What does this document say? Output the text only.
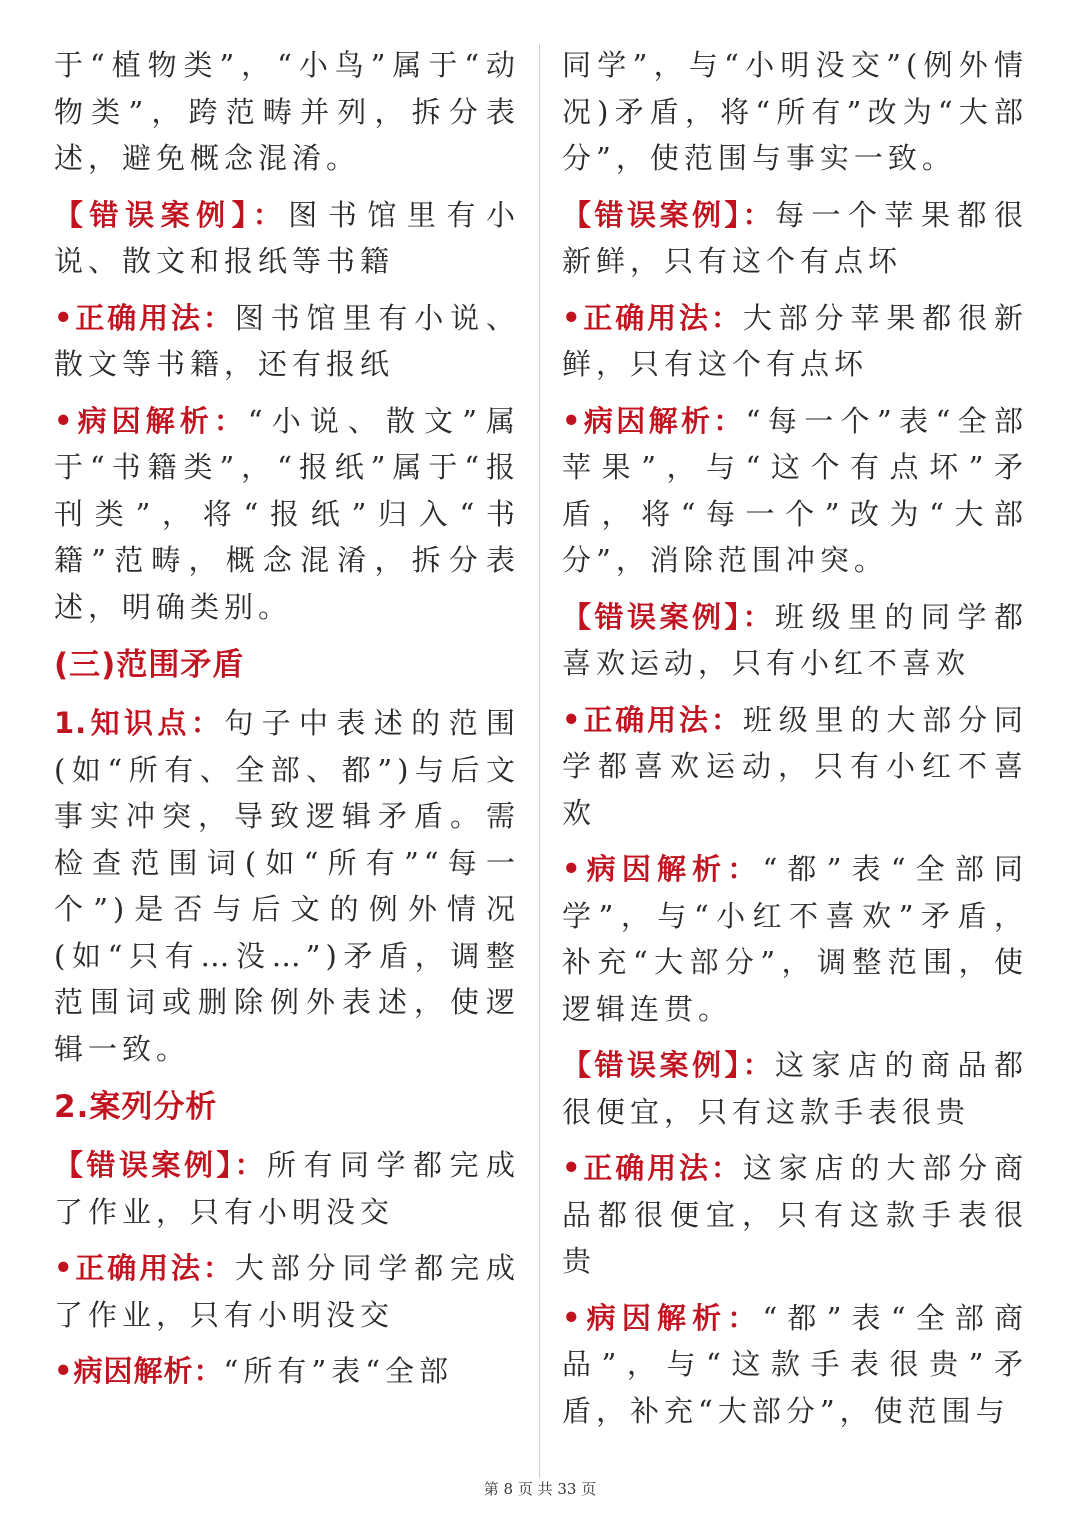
于“植物类”，“小鸟”属于“动物类”，跨范畴并列，拆分表述，避免概念混淆。

【错误案例】：图书馆里有小说、散文和报纸等书籍

•正确用法：图书馆里有小说、散文等书籍，还有报纸

•病因解析：“小说、散文”属于“书籍类”，“报纸”属于“报刊类”，将“报纸”归入“书籍”范畴，概念混淆，拆分表述，明确类别。

(三)范围矛盾

1.知识点：句子中表述的范围(如“所有、全部、都”)与后文事实冲突，导致逻辑矛盾。需检查范围词(如“所有”“每一个”)是否与后文的例外情况(如“只有…没…”)矛盾，调整范围词或删除例外表述，使逻辑一致。

2.案列分析

【错误案例】：所有同学都完成了作业，只有小明没交

•正确用法：大部分同学都完成了作业，只有小明没交

•病因解析：“所有”表“全部

同学”，与“小明没交”(例外情况)矛盾，将“所有”改为“大部分”，使范围与事实一致。

【错误案例】：每一个苹果都很新鲜，只有这个有点坏

•正确用法：大部分苹果都很新鲜，只有这个有点坏

•病因解析：“每一个”表“全部苹果”，与“这个有点坏”矛盾，将“每一个”改为“大部分”，消除范围冲突。

【错误案例】：班级里的同学都喜欢运动，只有小红不喜欢

•正确用法：班级里的大部分同学都喜欢运动，只有小红不喜欢

•病因解析：“都”表“全部同学”，与“小红不喜欢”矛盾，补充“大部分”，调整范围，使逻辑连贯。

【错误案例】：这家店的商品都很便宜，只有这款手表很贵

•正确用法：这家店的大部分商品都很便宜，只有这款手表很贵

•病因解析：“都”表“全部商品”，与“这款手表很贵”矛盾，补充“大部分”，使范围与

第 8 页 共 33 页
